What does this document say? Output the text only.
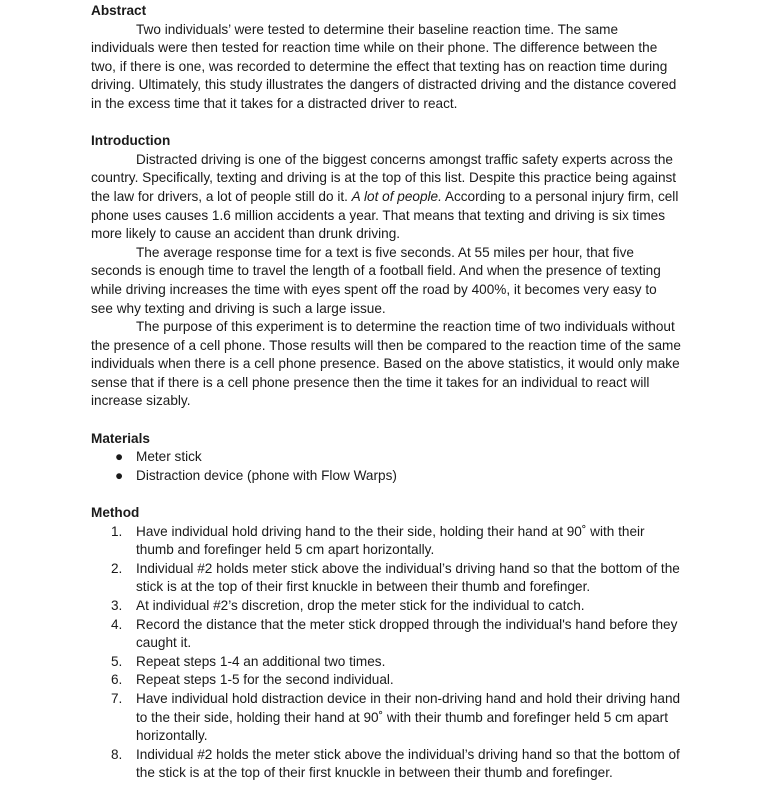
Abstract

Two individuals’ were tested to determine their baseline reaction time. The same individuals were then tested for reaction time while on their phone. The difference between the two, if there is one, was recorded to determine the effect that texting has on reaction time during driving. Ultimately, this study illustrates the dangers of distracted driving and the distance covered in the excess time that it takes for a distracted driver to react.

Introduction

Distracted driving is one of the biggest concerns amongst traffic safety experts across the country. Specifically, texting and driving is at the top of this list. Despite this practice being against the law for drivers, a lot of people still do it. A lot of people. According to a personal injury firm, cell phone uses causes 1.6 million accidents a year. That means that texting and driving is six times more likely to cause an accident than drunk driving.

The average response time for a text is five seconds. At 55 miles per hour, that five seconds is enough time to travel the length of a football field. And when the presence of texting while driving increases the time with eyes spent off the road by 400%, it becomes very easy to see why texting and driving is such a large issue.

The purpose of this experiment is to determine the reaction time of two individuals without the presence of a cell phone. Those results will then be compared to the reaction time of the same individuals when there is a cell phone presence. Based on the above statistics, it would only make sense that if there is a cell phone presence then the time it takes for an individual to react will increase sizably.

Materials
● Meter stick
● Distraction device (phone with Flow Warps)
Method
1. Have individual hold driving hand to the their side, holding their hand at 90˚ with their thumb and forefinger held 5 cm apart horizontally.
2. Individual #2 holds meter stick above the individual’s driving hand so that the bottom of the stick is at the top of their first knuckle in between their thumb and forefinger.
3. At individual #2’s discretion, drop the meter stick for the individual to catch.
4. Record the distance that the meter stick dropped through the individual's hand before they caught it.
5. Repeat steps 1-4 an additional two times.
6. Repeat steps 1-5 for the second individual.
7. Have individual hold distraction device in their non-driving hand and hold their driving hand to the their side, holding their hand at 90˚ with their thumb and forefinger held 5 cm apart horizontally.
8. Individual #2 holds the meter stick above the individual’s driving hand so that the bottom of the stick is at the top of their first knuckle in between their thumb and forefinger.
